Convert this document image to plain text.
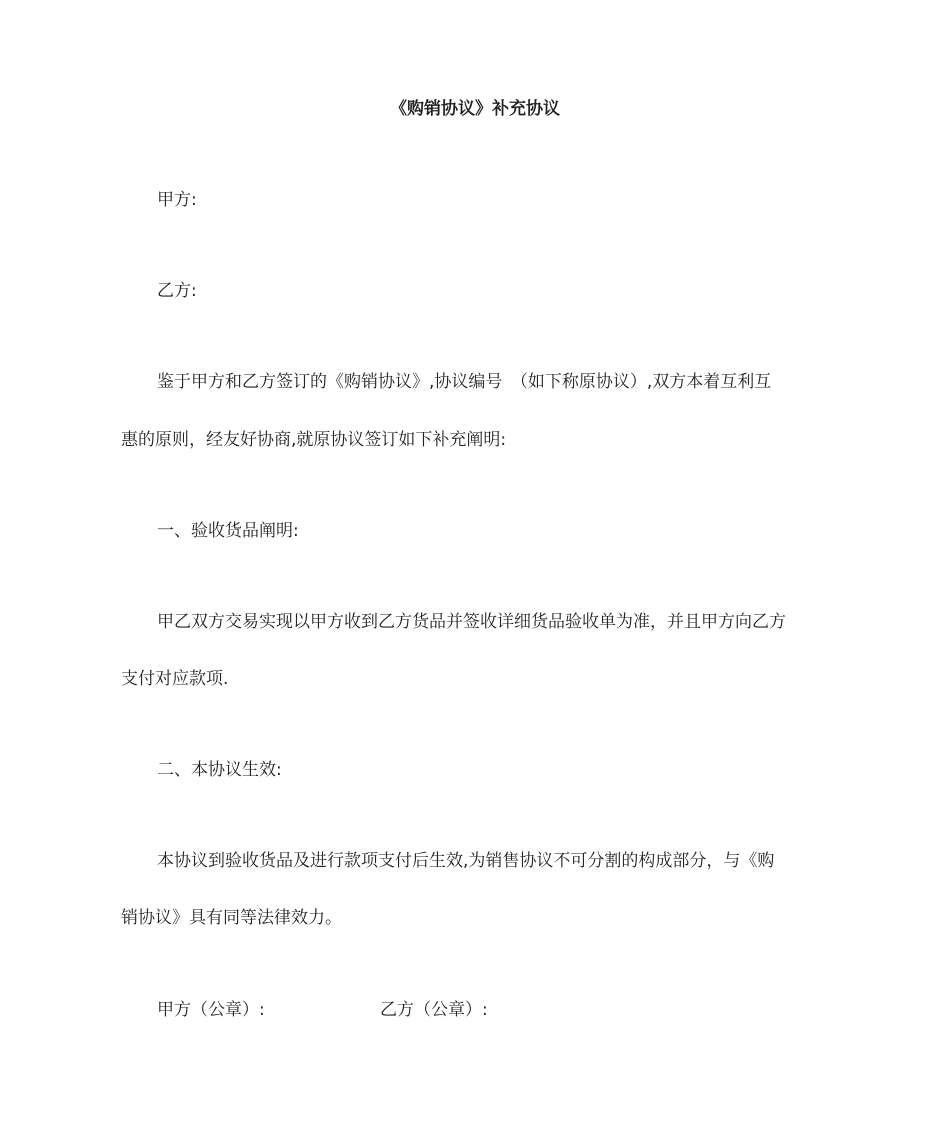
《购销协议》补充协议
甲方:
乙方:
鉴于甲方和乙方签订的《购销协议》,协议编号　（如下称原协议）,双方本着互利互
惠的原则，经友好协商,就原协议签订如下补充阐明:
一、验收货品阐明:
甲乙双方交易实现以甲方收到乙方货品并签收详细货品验收单为准，并且甲方向乙方
支付对应款项.
二、本协议生效:
本协议到验收货品及进行款项支付后生效,为销售协议不可分割的构成部分，与《购
销协议》具有同等法律效力。
甲方（公章）:	乙方（公章）:
